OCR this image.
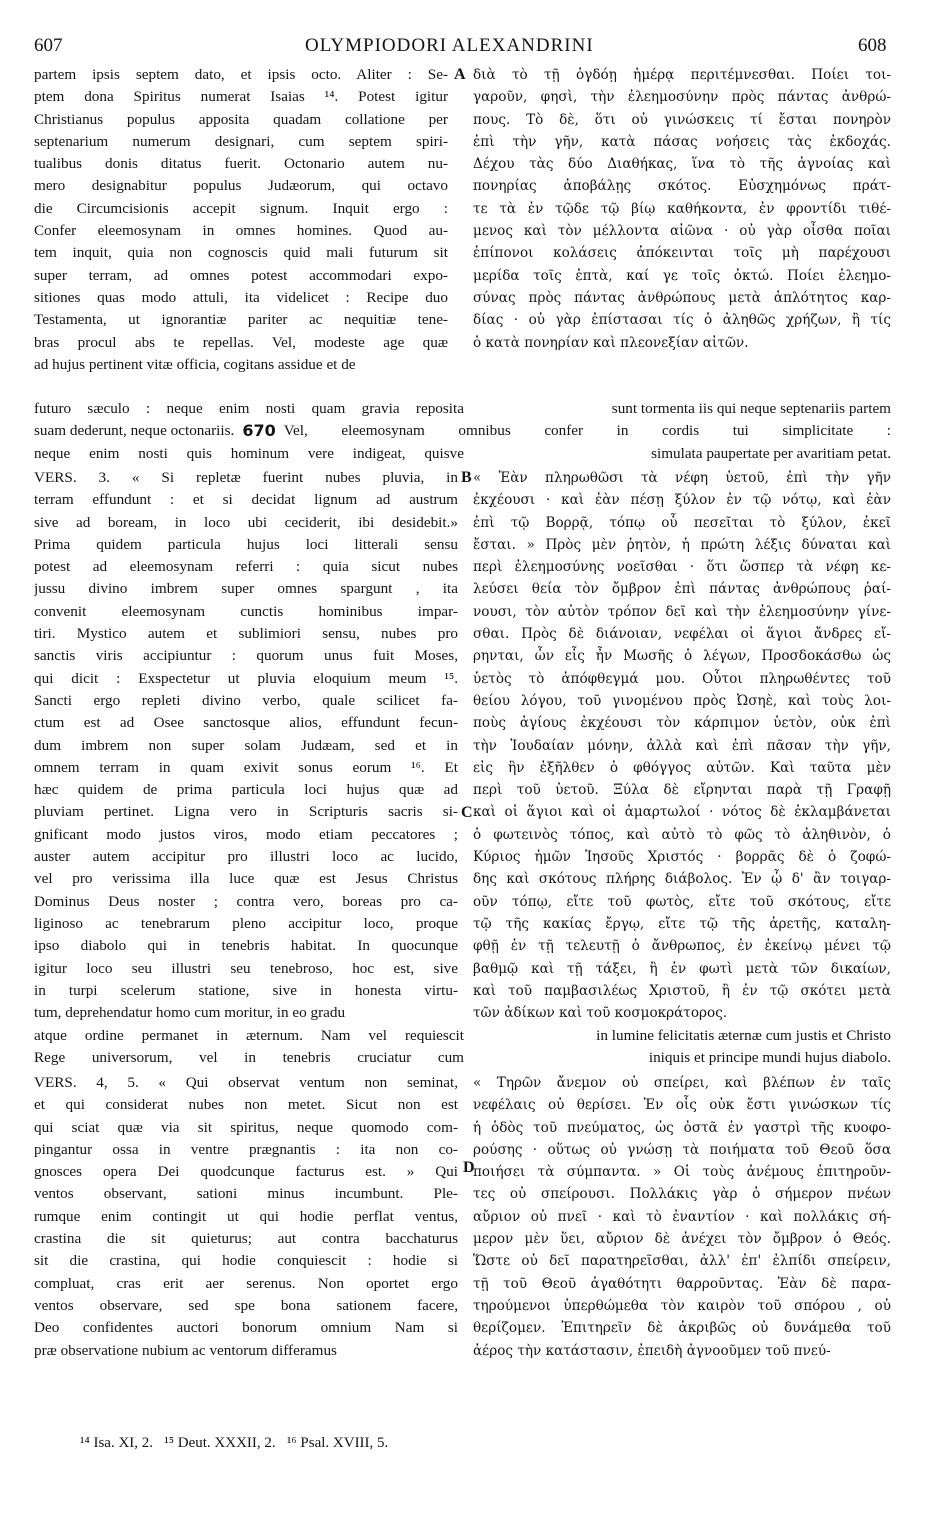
607	OLYMPIODORI ALEXANDRINI	608

partem ipsis septem dato, et ipsis octo. Aliter : Se-

ptem dona Spiritus numerat Isaias ¹⁴. Potest igitur

Christianus populus apposita quadam collatione per

septenarium numerum designari, cum septem spiri-

tualibus donis ditatus fuerit. Octonario autem nu-

mero designabitur populus Judæorum, qui octavo

die Circumcisionis accepit signum. Inquit ergo :

Confer eleemosynam in omnes homines. Quod au-

tem inquit, quia non cognoscis quid mali futurum sit

super terram, ad omnes potest accommodari expo-

sitiones quas modo attuli, ita videlicet : Recipe duo

Testamenta, ut ignorantiæ pariter ac nequitiæ tene-

bras procul abs te repellas. Vel, modeste age quæ

ad hujus pertinent vitæ officia, cogitans assidue et de

διὰ τὸ τῇ ὀγδόῃ ἡμέρᾳ περιτέμνεσθαι. Ποίει τοι-

γαροῦν, φησὶ, τὴν ἐλεημοσύνην πρὸς πάντας ἀνθρώ-

πους. Τὸ δὲ, ὅτι οὐ γινώσκεις τί ἔσται πονηρὸν

ἐπὶ τὴν γῆν, κατὰ πάσας νοήσεις τὰς ἐκδοχάς.

Δέχου τὰς δύο Διαθήκας, ἵνα τὸ τῆς ἀγνοίας καὶ

πονηρίας ἀποβάλῃς σκότος. Εὐσχημόνως πράτ-

τε τὰ ἐν τῷδε τῷ βίῳ καθήκοντα, ἐν φροντίδι τιθέ-

μενος καὶ τὸν μέλλοντα αἰῶνα · οὐ γὰρ οἶσθα ποῖαι

ἐπίπονοι κολάσεις ἀπόκεινται τοῖς μὴ παρέχουσι

μερίδα τοῖς ἑπτὰ, καί γε τοῖς ὀκτώ. Ποίει ἐλεημο-

σύνας πρὸς πάντας ἀνθρώπους μετὰ ἁπλότητος καρ-

δίας · οὐ γὰρ ἐπίστασαι τίς ὁ ἀληθῶς χρήζων, ἢ τίς

ὁ κατὰ πονηρίαν καὶ πλεονεξίαν αἰτῶν.

futuro sæculo : neque enim nosti quam gravia reposita	sunt tormenta iis qui neque septenariis partem

suam dederunt, neque octonariis. 670 Vel, eleemosynam omnibus confer in cordis tui simplicitate :

neque enim nosti quis hominum vere indigeat, quisve	simulata paupertate per avaritiam petat.

VERS. 3. « Si repletæ fuerint nubes pluvia, in

terram effundunt : et si decidat lignum ad austrum

sive ad boream, in loco ubi ceciderit, ibi desidebit.»

Prima quidem particula hujus loci litterali sensu

potest ad eleemosynam referri : quia sicut nubes

jussu divino imbrem super omnes spargunt , ita

convenit eleemosynam cunctis hominibus impar-

tiri. Mystico autem et sublimiori sensu, nubes pro

sanctis viris accipiuntur : quorum unus fuit Moses,

qui dicit : Exspectetur ut pluvia eloquium meum ¹⁵.

Sancti ergo repleti divino verbo, quale scilicet fa-

ctum est ad Osee sanctosque alios, effundunt fecun-

dum imbrem non super solam Judæam, sed et in

omnem terram in quam exivit sonus eorum ¹⁶. Et

hæc quidem de prima particula loci hujus quæ ad

pluviam pertinet. Ligna vero in Scripturis sacris si-

gnificant modo justos viros, modo etiam peccatores ;

auster autem accipitur pro illustri loco ac lucido,

vel pro verissima illa luce quæ est Jesus Christus

Dominus Deus noster ; contra vero, boreas pro ca-

liginoso ac tenebrarum pleno accipitur loco, proque

ipso diabolo qui in tenebris habitat. In quocunque

igitur loco seu illustri seu tenebroso, hoc est, sive

in turpi scelerum statione, sive in honesta virtu-

tum, deprehendatur homo cum moritur, in eo gradu

« Ἐὰν πληρωθῶσι τὰ νέφη ὑετοῦ, ἐπὶ τὴν γῆν

ἐκχέουσι · καὶ ἐὰν πέσῃ ξύλον ἐν τῷ νότῳ, καὶ ἐὰν

ἐπὶ τῷ Βορρᾷ, τόπῳ οὗ πεσεῖται τὸ ξύλον, ἐκεῖ

ἔσται. » Πρὸς μὲν ῥητὸν, ἡ πρώτη λέξις δύναται καὶ

περὶ ἐλεημοσύνης νοεῖσθαι · ὅτι ὥσπερ τὰ νέφη κε-

λεύσει θεία τὸν ὄμβρον ἐπὶ πάντας ἀνθρώπους ῥαί-

νουσι, τὸν αὐτὸν τρόπον δεῖ καὶ τὴν ἐλεημοσύνην γίνε-

σθαι. Πρὸς δὲ διάνοιαν, νεφέλαι οἱ ἅγιοι ἄνδρες εἴ-

ρηνται, ὧν εἷς ἦν Μωσῆς ὁ λέγων, Προσδοκάσθω ὡς

ὑετὸς τὸ ἀπόφθεγμά μου. Οὗτοι πληρωθέντες τοῦ

θείου λόγου, τοῦ γινομένου πρὸς Ὠσηὲ, καὶ τοὺς λοι-

ποὺς ἁγίους ἐκχέουσι τὸν κάρπιμον ὑετὸν, οὐκ ἐπὶ

τὴν Ἰουδαίαν μόνην, ἀλλὰ καὶ ἐπὶ πᾶσαν τὴν γῆν,

εἰς ἣν ἐξῆλθεν ὁ φθόγγος αὐτῶν. Καὶ ταῦτα μὲν

περὶ τοῦ ὑετοῦ. Ξύλα δὲ εἴρηνται παρὰ τῇ Γραφῇ

καὶ οἱ ἅγιοι καὶ οἱ ἁμαρτωλοί · νότος δὲ ἐκλαμβάνεται

ὁ φωτεινὸς τόπος, καὶ αὐτὸ τὸ φῶς τὸ ἀληθινὸν, ὁ

Κύριος ἡμῶν Ἰησοῦς Χριστός · βορρᾶς δὲ ὁ ζοφώ-

δης καὶ σκότους πλήρης διάβολος. Ἐν ᾧ δ' ἂν τοιγαρ-

οῦν τόπῳ, εἴτε τοῦ φωτὸς, εἴτε τοῦ σκότους, εἴτε

τῷ τῆς κακίας ἔργῳ, εἴτε τῷ τῆς ἀρετῆς, καταλη-

φθῇ ἐν τῇ τελευτῇ ὁ ἄνθρωπος, ἐν ἐκείνῳ μένει τῷ

βαθμῷ καὶ τῇ τάξει, ἢ ἐν φωτὶ μετὰ τῶν δικαίων,

καὶ τοῦ παμβασιλέως Χριστοῦ, ἢ ἐν τῷ σκότει μετὰ

τῶν ἀδίκων καὶ τοῦ κοσμοκράτορος.

atque ordine permanet in æternum. Nam vel requiescit	in lumine felicitatis æternæ cum justis et Christo

Rege universorum, vel in tenebris cruciatur cum	iniquis et principe mundi hujus diabolo.

VERS. 4, 5. « Qui observat ventum non seminat,

et qui considerat nubes non metet. Sicut non est

qui sciat quæ via sit spiritus, neque quomodo com-

pingantur ossa in ventre prægnantis : ita non co-

gnosces opera Dei quodcunque facturus est. » Qui

ventos observant, sationi minus incumbunt. Ple-

rumque enim contingit ut qui hodie perflat ventus,

crastina die sit quieturus; aut contra bacchaturus

sit die crastina, qui hodie conquiescit : hodie si

compluat, cras erit aer serenus. Non oportet ergo

ventos observare, sed spe bona sationem facere,

Deo confidentes auctori bonorum omnium Nam si

præ observatione nubium ac ventorum differamus

« Τηρῶν ἄνεμον οὐ σπείρει, καὶ βλέπων ἐν ταῖς

νεφέλαις οὐ θερίσει. Ἐν οἷς οὐκ ἔστι γινώσκων τίς

ἡ ὁδὸς τοῦ πνεύματος, ὡς ὀστᾶ ἐν γαστρὶ τῆς κυοφο-

ρούσης · οὕτως οὐ γνώσῃ τὰ ποιήματα τοῦ Θεοῦ ὅσα

ποιήσει τὰ σύμπαντα. » Οἱ τοὺς ἀνέμους ἐπιτηροῦν-

τες οὐ σπείρουσι. Πολλάκις γὰρ ὁ σήμερον πνέων

αὔριον οὐ πνεῖ · καὶ τὸ ἐναντίον · καὶ πολλάκις σή-

μερον μὲν ὕει, αὔριον δὲ ἀνέχει τὸν ὄμβρον ὁ Θεός.

Ὥστε οὐ δεῖ παρατηρεῖσθαι, ἀλλ' ἐπ' ἐλπίδι σπείρειν,

τῇ τοῦ Θεοῦ ἀγαθότητι θαρροῦντας. Ἐὰν δὲ παρα-

τηρούμενοι ὑπερθώμεθα τὸν καιρὸν τοῦ σπόρου , οὐ

θερίζομεν. Ἐπιτηρεῖν δὲ ἀκριβῶς οὐ δυνάμεθα τοῦ

ἀέρος τὴν κατάστασιν, ἐπειδὴ ἀγνοοῦμεν τοῦ πνεύ-

A
B
C
D
¹⁴ Isa. XI, 2.   ¹⁵ Deut. XXXII, 2.   ¹⁶ Psal. XVIII, 5.
